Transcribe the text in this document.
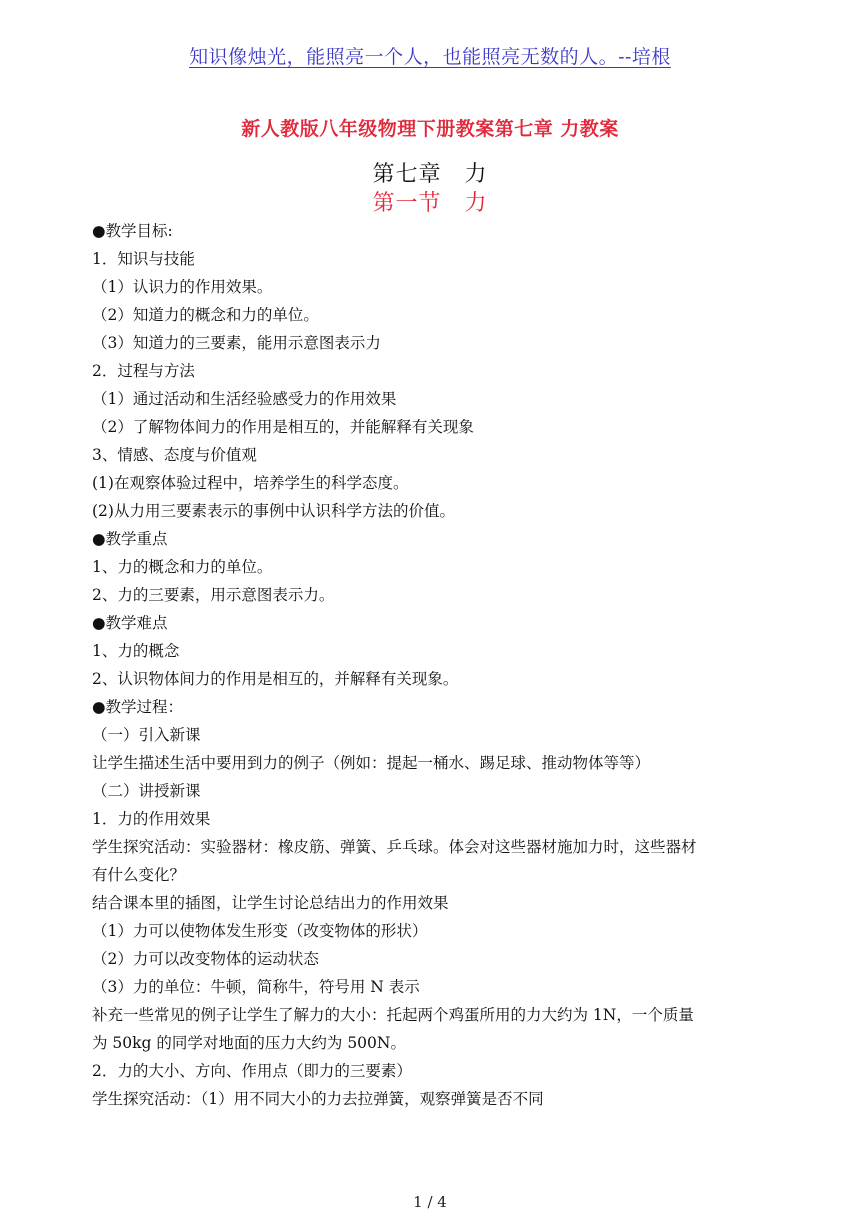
知识像烛光，能照亮一个人，也能照亮无数的人。--培根
新人教版八年级物理下册教案第七章 力教案
第七章　力
第一节　力
●教学目标:
1．知识与技能
（1）认识力的作用效果。
（2）知道力的概念和力的单位。
（3）知道力的三要素，能用示意图表示力
2．过程与方法
（1）通过活动和生活经验感受力的作用效果
（2）了解物体间力的作用是相互的，并能解释有关现象
3、情感、态度与价值观
(1)在观察体验过程中，培养学生的科学态度。
(2)从力用三要素表示的事例中认识科学方法的价值。
●教学重点
1、力的概念和力的单位。
2、力的三要素，用示意图表示力。
●教学难点
1、力的概念
2、认识物体间力的作用是相互的，并解释有关现象。
●教学过程：
（一）引入新课
让学生描述生活中要用到力的例子（例如：提起一桶水、踢足球、推动物体等等）
（二）讲授新课
1．力的作用效果
学生探究活动：实验器材：橡皮筋、弹簧、乒乓球。体会对这些器材施加力时，这些器材
有什么变化？
结合课本里的插图，让学生讨论总结出力的作用效果
（1）力可以使物体发生形变（改变物体的形状）
（2）力可以改变物体的运动状态
（3）力的单位：牛顿，简称牛，符号用 N 表示
补充一些常见的例子让学生了解力的大小：托起两个鸡蛋所用的力大约为 1N，一个质量
为 50kg 的同学对地面的压力大约为 500N。
2．力的大小、方向、作用点（即力的三要素）
学生探究活动：（1）用不同大小的力去拉弹簧，观察弹簧是否不同
1 / 4
